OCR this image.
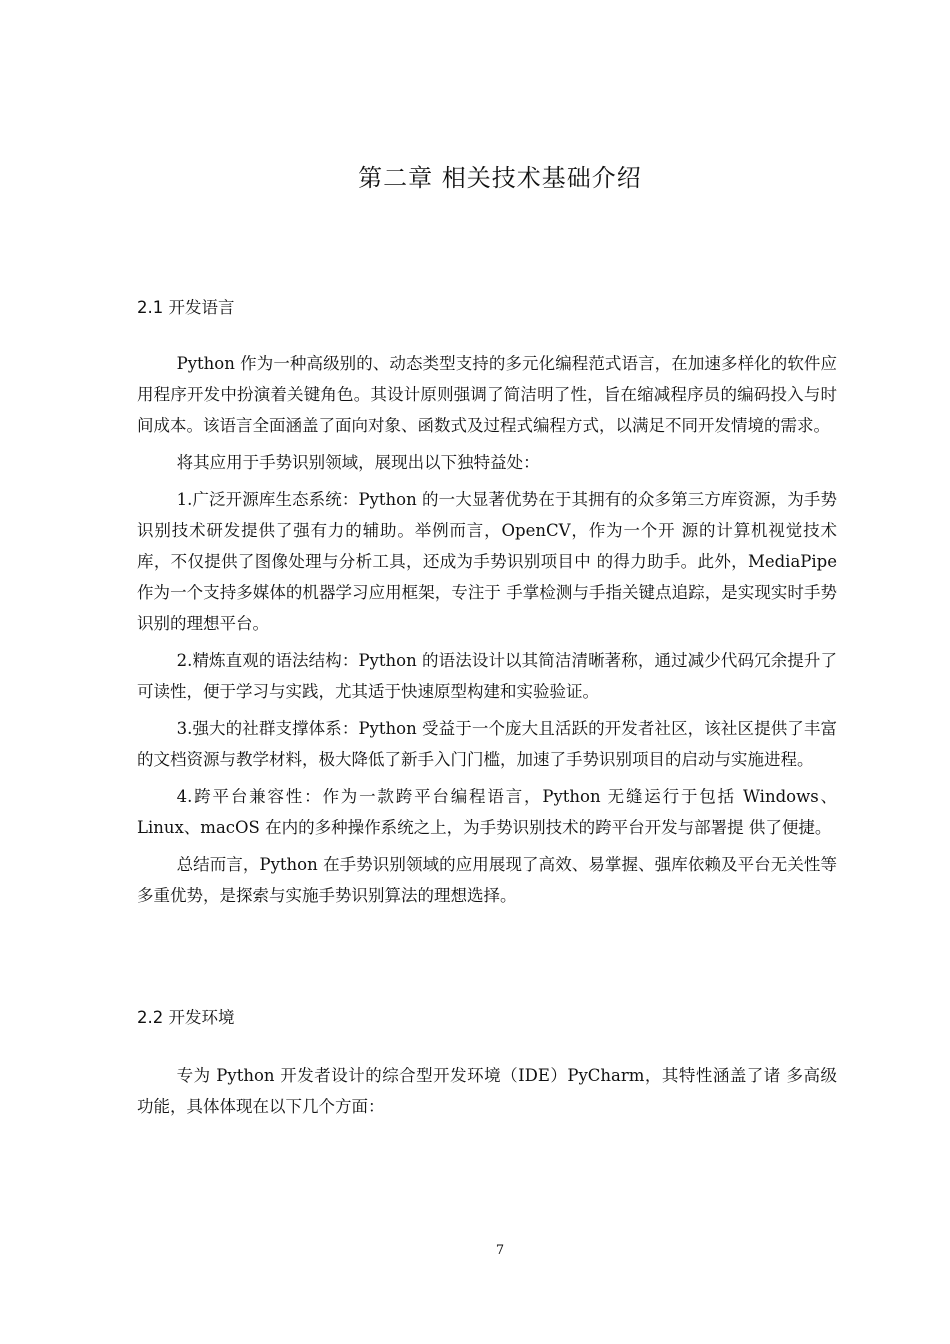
第二章 相关技术基础介绍
2.1 开发语言

Python 作为一种高级别的、动态类型支持的多元化编程范式语言，在加速多样化的软件应用程序开发中扮演着关键角色。其设计原则强调了简洁明了性，旨在缩减程序员的编码投入与时间成本。该语言全面涵盖了面向对象、函数式及过程式编程方式，以满足不同开发情境的需求。

将其应用于手势识别领域，展现出以下独特益处：

1.广泛开源库生态系统：Python 的一大显著优势在于其拥有的众多第三方库资源，为手势识别技术研发提供了强有力的辅助。举例而言，OpenCV，作为一个开 源的计算机视觉技术库，不仅提供了图像处理与分析工具，还成为手势识别项目中 的得力助手。此外，MediaPipe 作为一个支持多媒体的机器学习应用框架，专注于 手掌检测与手指关键点追踪，是实现实时手势识别的理想平台。

2.精炼直观的语法结构：Python 的语法设计以其简洁清晰著称，通过减少代码冗余提升了可读性，便于学习与实践，尤其适于快速原型构建和实验验证。

3.强大的社群支撑体系：Python 受益于一个庞大且活跃的开发者社区，该社区提供了丰富的文档资源与教学材料，极大降低了新手入门门槛，加速了手势识别项目的启动与实施进程。

4.跨平台兼容性：作为一款跨平台编程语言，Python 无缝运行于包括 Windows、 Linux、macOS 在内的多种操作系统之上，为手势识别技术的跨平台开发与部署提 供了便捷。

总结而言，Python 在手势识别领域的应用展现了高效、易掌握、强库依赖及平台无关性等多重优势，是探索与实施手势识别算法的理想选择。

2.2 开发环境

专为 Python 开发者设计的综合型开发环境（IDE）PyCharm，其特性涵盖了诸 多高级功能，具体体现在以下几个方面：

7
